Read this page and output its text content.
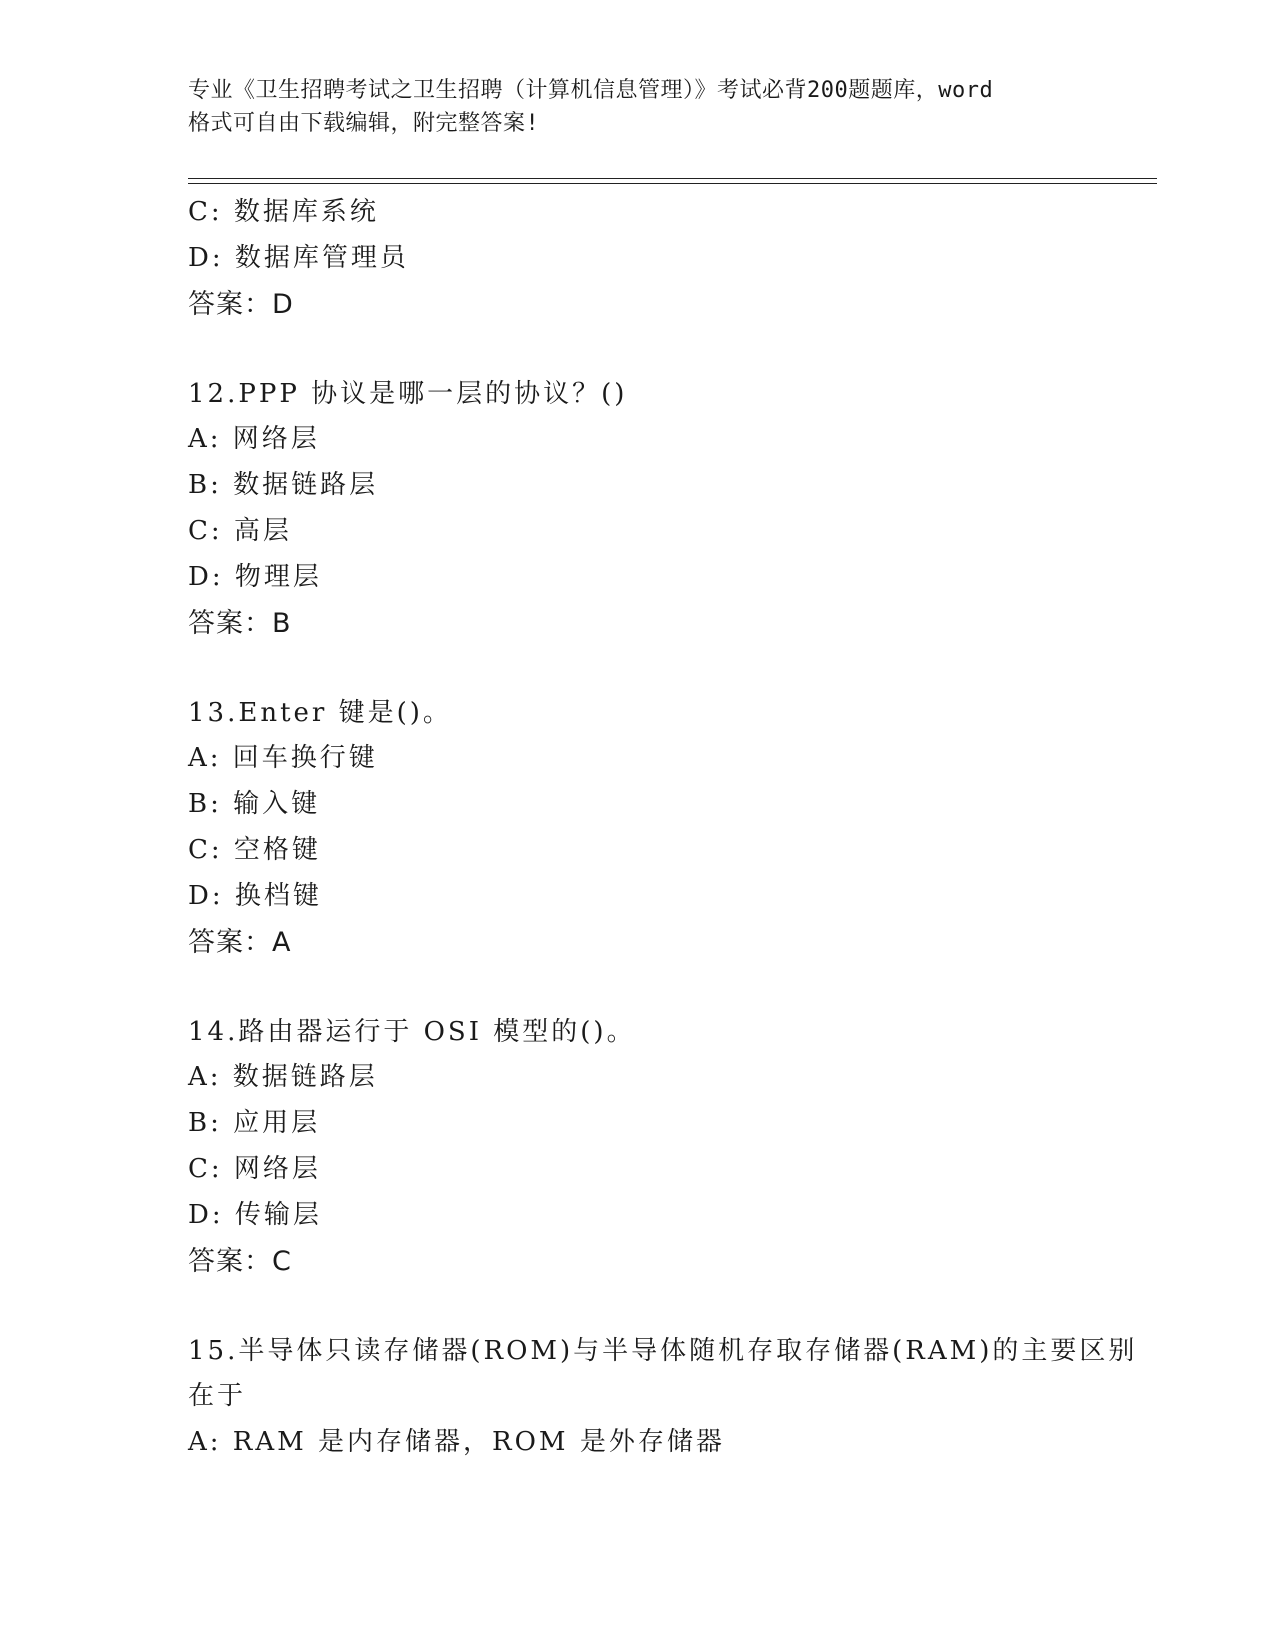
专业《卫生招聘考试之卫生招聘（计算机信息管理）》考试必背200题题库，word
格式可自由下载编辑，附完整答案!
C: 数据库系统
D: 数据库管理员
答案：D
12.PPP 协议是哪一层的协议？()
A: 网络层
B: 数据链路层
C: 高层
D: 物理层
答案：B
13.Enter 键是()。
A: 回车换行键
B: 输入键
C: 空格键
D: 换档键
答案：A
14.路由器运行于 OSI 模型的()。
A: 数据链路层
B: 应用层
C: 网络层
D: 传输层
答案：C
15.半导体只读存储器(ROM)与半导体随机存取存储器(RAM)的主要区别
在于
A: RAM 是内存储器，ROM 是外存储器
